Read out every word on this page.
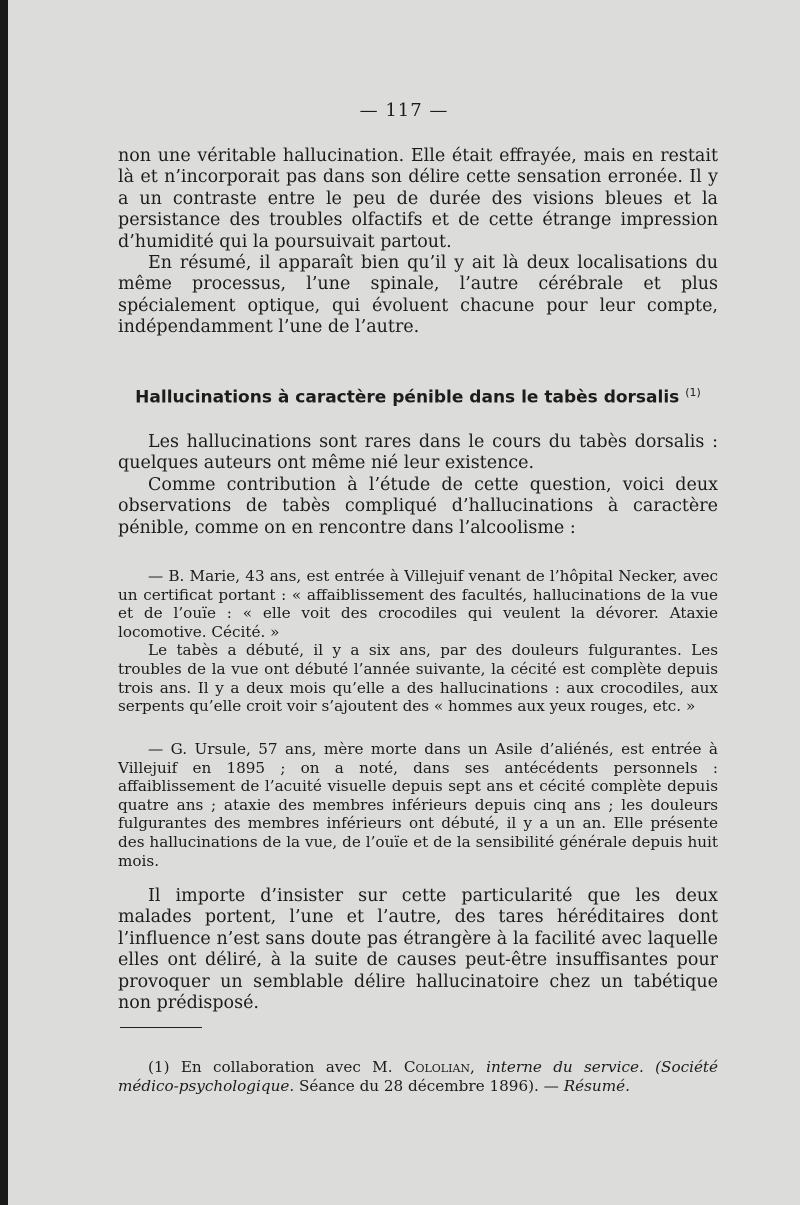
— 117 —

non une véritable hallucination. Elle était effrayée, mais en restait là et n’incorporait pas dans son délire cette sensation erronée. Il y a un contraste entre le peu de durée des visions bleues et la persistance des troubles olfactifs et de cette étrange impression d’humidité qui la poursuivait partout.

En résumé, il apparaît bien qu’il y ait là deux localisations du même processus, l’une spinale, l’autre cérébrale et plus spécialement optique, qui évoluent chacune pour leur compte, indépendamment l’une de l’autre.

Hallucinations à caractère pénible dans le tabès dorsalis $^{(1)}$

Les hallucinations sont rares dans le cours du tabès dorsalis : quelques auteurs ont même nié leur existence.

Comme contribution à l’étude de cette question, voici deux observations de tabès compliqué d’hallucinations à caractère pénible, comme on en rencontre dans l’alcoolisme :

— B. Marie, 43 ans, est entrée à Villejuif venant de l’hôpital Necker, avec un certificat portant : « affaiblissement des facultés, hallucinations de la vue et de l’ouïe : « elle voit des crocodiles qui veulent la dévorer. Ataxie locomotive. Cécité. »

Le tabès a débuté, il y a six ans, par des douleurs fulgurantes. Les troubles de la vue ont débuté l’année suivante, la cécité est complète depuis trois ans. Il y a deux mois qu’elle a des hallucinations : aux crocodiles, aux serpents qu’elle croit voir s’ajoutent des « hommes aux yeux rouges, etc. »

— G. Ursule, 57 ans, mère morte dans un Asile d’aliénés, est entrée à Villejuif en 1895 ; on a noté, dans ses antécédents personnels : affaiblissement de l’acuité visuelle depuis sept ans et cécité complète depuis quatre ans ; ataxie des membres inférieurs depuis cinq ans ; les douleurs fulgurantes des membres inférieurs ont débuté, il y a un an. Elle présente des hallucinations de la vue, de l’ouïe et de la sensibilité générale depuis huit mois.

Il importe d’insister sur cette particularité que les deux malades portent, l’une et l’autre, des tares héréditaires dont l’influence n’est sans doute pas étrangère à la facilité avec laquelle elles ont déliré, à la suite de causes peut-être insuffisantes pour provoquer un semblable délire hallucinatoire chez un tabétique non prédisposé.

(1) En collaboration avec M. Cololian, interne du service. (Société médico-psychologique. Séance du 28 décembre 1896). — Résumé.
